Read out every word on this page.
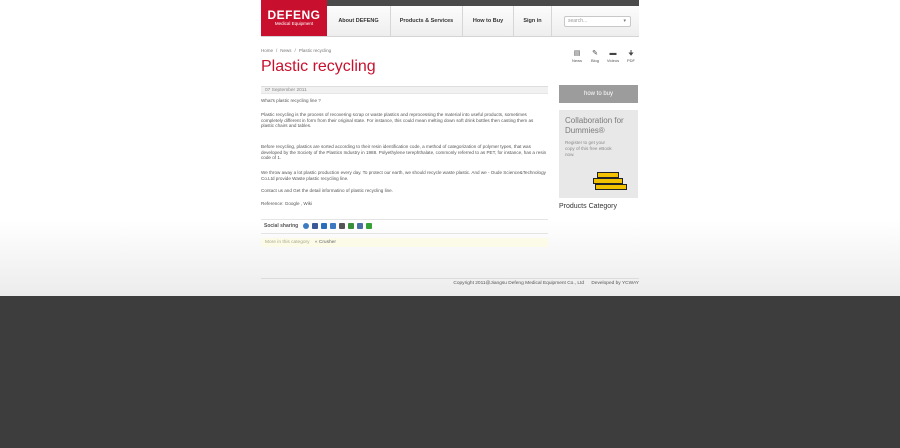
DEFENG
Medical Equipment	About DEFENG	Products & Services	How to Buy	Sign in	search...	▾
Home / News / Plastic recycling
Plastic recycling
▤
News
✎
Blog
▬
Videos
🠋
PDF
07 September 2011

What's plastic recycling line ?

Plastic recycling is the process of recovering scrap or waste plastics and reprocessing the material into useful products, sometimes completely different in form from their original state. For instance, this could mean melting down soft drink bottles then casting them as plastic chairs and tables.

Before recycling, plastics are sorted according to their resin identification code, a method of categorization of polymer types, that was developed by the Society of the Plastics Industry in 1988. Polyethylene terephthalate, commonly referred to as PET, for instance, has a resin code of 1.

We throw away a lot plastic production every day. To protect our earth, we should recycle waste plastic. And we - Oude Science&Technology Co.Ltd provide Waste plastic recycling line.

Contact us and Get the detail informatino of plastic recycling line.

Reference: Google , Wiki

Social sharing
More in this category « Crusher
how to buy
Collaboration for Dummies®
Register to get your copy of this free eBook now.
Products Category
Copyright 2011@Jiangsu Defeng Medical Equipment Co., Ltd Developed by YCWAY
